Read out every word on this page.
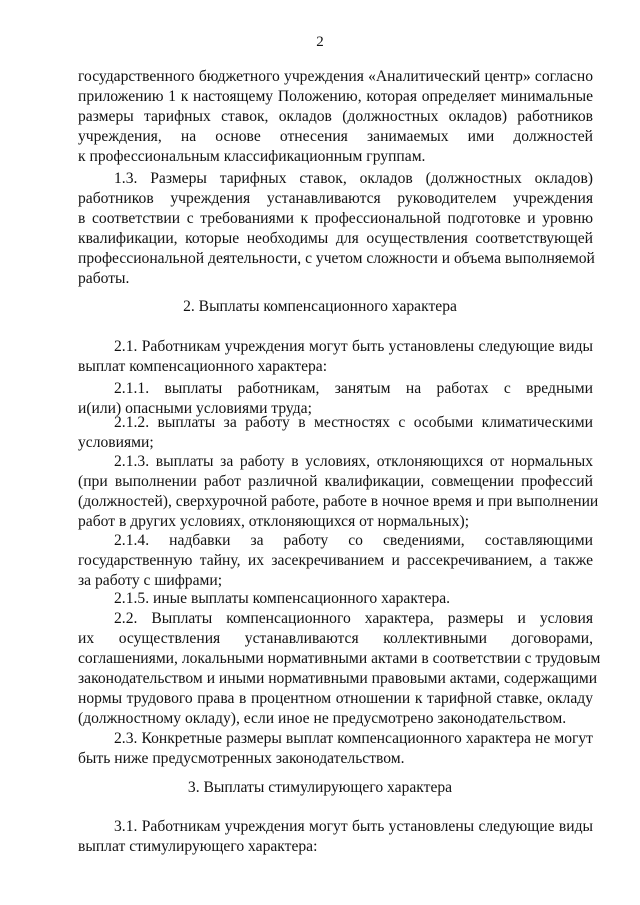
2
государственного бюджетного учреждения «Аналитический центр» согласно
приложению 1 к настоящему Положению, которая определяет минимальные
размеры тарифных ставок, окладов (должностных окладов) работников
учреждения, на основе отнесения занимаемых ими должностей
к профессиональным классификационным группам.
1.3. Размеры тарифных ставок, окладов (должностных окладов)
работников учреждения устанавливаются руководителем учреждения
в соответствии с требованиями к профессиональной подготовке и уровню
квалификации, которые необходимы для осуществления соответствующей
профессиональной деятельности, с учетом сложности и объема выполняемой
работы.
2. Выплаты компенсационного характера
2.1. Работникам учреждения могут быть установлены следующие виды
выплат компенсационного характера:
2.1.1. выплаты работникам, занятым на работах с вредными
и(или) опасными условиями труда;
2.1.2. выплаты за работу в местностях с особыми климатическими
условиями;
2.1.3. выплаты за работу в условиях, отклоняющихся от нормальных
(при выполнении работ различной квалификации, совмещении профессий
(должностей), сверхурочной работе, работе в ночное время и при выполнении
работ в других условиях, отклоняющихся от нормальных);
2.1.4. надбавки за работу со сведениями, составляющими
государственную тайну, их засекречиванием и рассекречиванием, а также
за работу с шифрами;
2.1.5. иные выплаты компенсационного характера.
2.2. Выплаты компенсационного характера, размеры и условия
их осуществления устанавливаются коллективными договорами,
соглашениями, локальными нормативными актами в соответствии с трудовым
законодательством и иными нормативными правовыми актами, содержащими
нормы трудового права в процентном отношении к тарифной ставке, окладу
(должностному окладу), если иное не предусмотрено законодательством.
2.3. Конкретные размеры выплат компенсационного характера не могут
быть ниже предусмотренных законодательством.
3. Выплаты стимулирующего характера
3.1. Работникам учреждения могут быть установлены следующие виды
выплат стимулирующего характера:
